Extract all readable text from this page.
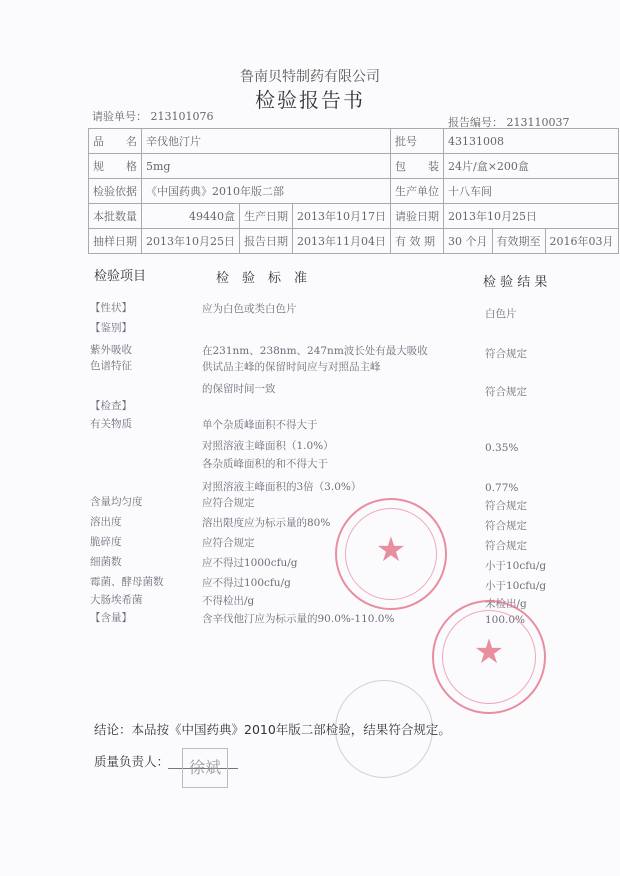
鲁南贝特制药有限公司
检验报告书
请验单号： 213101076	报告编号： 213110037
品　　名	辛伐他汀片			批号	43131008		
规　　格	5mg			包　　装	24片/盒×200盒		
检验依据	《中国药典》2010年版二部			生产单位	十八车间		
本批数量	49440盒	生产日期	2013年10月17日	请验日期	2013年10月25日		
抽样日期	2013年10月25日	报告日期	2013年11月04日	有 效 期	30 个月	有效期至	2016年03月
检验项目	检　验　标　准	检 验 结 果
【性状】	应为白色或类白色片	白色片
【鉴别】
紫外吸收	在231nm、238nm、247nm波长处有最大吸收	符合规定
色谱特征	供试品主峰的保留时间应与对照品主峰
的保留时间一致	符合规定
【检查】
有关物质	单个杂质峰面积不得大于
对照溶液主峰面积（1.0%）	0.35%
各杂质峰面积的和不得大于
对照溶液主峰面积的3倍（3.0%）	0.77%
含量均匀度	应符合规定	符合规定
溶出度	溶出限度应为标示量的80%	符合规定
脆碎度	应符合规定	符合规定
细菌数	应不得过1000cfu/g	小于10cfu/g
霉菌、酵母菌数	应不得过100cfu/g	小于10cfu/g
大肠埃希菌	不得检出/g	未检出/g
【含量】	含辛伐他汀应为标示量的90.0%-110.0%	100.0%
★
★
结论：本品按《中国药典》2010年版二部检验，结果符合规定。
质量负责人：	徐斌
